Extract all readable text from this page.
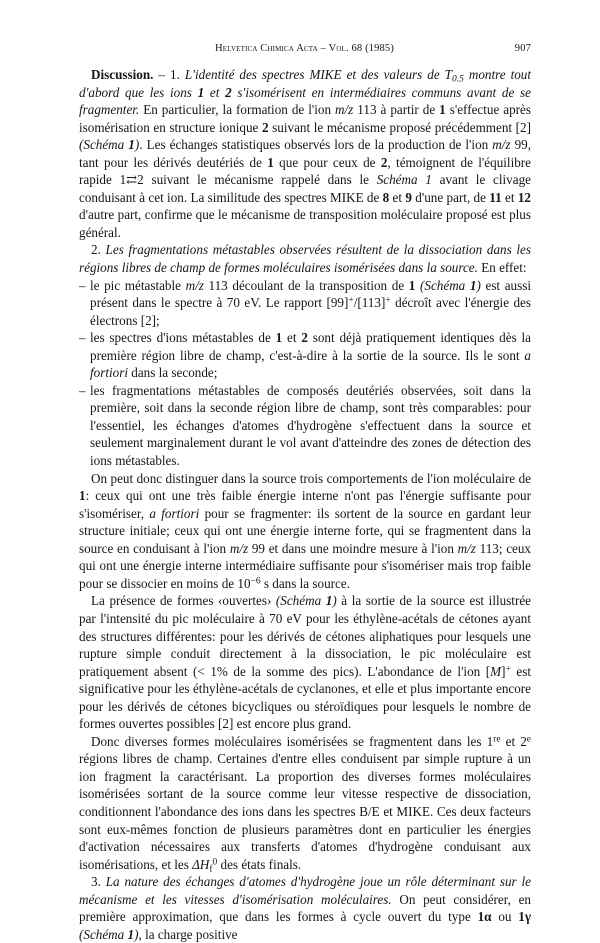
Helvetica Chimica Acta – Vol. 68 (1985)	907

Discussion. – 1. L'identité des spectres MIKE et des valeurs de $T_{0.5}$ montre tout d'abord que les ions 1 et 2 s'isomérisent en intermédiaires communs avant de se fragmenter. En particulier, la formation de l'ion m/z 113 à partir de 1 s'effectue après isomérisation en structure ionique 2 suivant le mécanisme proposé précédemment [2] (Schéma 1). Les échanges statistiques observés lors de la production de l'ion m/z 99, tant pour les dérivés deutériés de 1 que pour ceux de 2, témoignent de l'équilibre rapide 1⇄2 suivant le mécanisme rappelé dans le Schéma 1 avant le clivage conduisant à cet ion. La similitude des spectres MIKE de 8 et 9 d'une part, de 11 et 12 d'autre part, confirme que le mécanisme de transposition moléculaire proposé est plus général.

2. Les fragmentations métastables observées résultent de la dissociation dans les régions libres de champ de formes moléculaires isomérisées dans la source. En effet:

– le pic métastable m/z 113 découlant de la transposition de 1 (Schéma 1) est aussi présent dans le spectre à 70 eV. Le rapport [99]+/[113]+ décroît avec l'énergie des électrons [2];
– les spectres d'ions métastables de 1 et 2 sont déjà pratiquement identiques dès la première région libre de champ, c'est-à-dire à la sortie de la source. Ils le sont a fortiori dans la seconde;
– les fragmentations métastables de composés deutériés observées, soit dans la première, soit dans la seconde région libre de champ, sont très comparables: pour l'essentiel, les échanges d'atomes d'hydrogène s'effectuent dans la source et seulement marginalement durant le vol avant d'atteindre des zones de détection des ions métastables.

On peut donc distinguer dans la source trois comportements de l'ion moléculaire de 1: ceux qui ont une très faible énergie interne n'ont pas l'énergie suffisante pour s'isomériser, a fortiori pour se fragmenter: ils sortent de la source en gardant leur structure initiale; ceux qui ont une énergie interne forte, qui se fragmentent dans la source en conduisant à l'ion m/z 99 et dans une moindre mesure à l'ion m/z 113; ceux qui ont une énergie interne intermédiaire suffisante pour s'isomériser mais trop faible pour se dissocier en moins de $10^{-6}$ s dans la source.

La présence de formes ‹ouvertes› (Schéma 1) à la sortie de la source est illustrée par l'intensité du pic moléculaire à 70 eV pour les éthylène-acétals de cétones ayant des structures différentes: pour les dérivés de cétones aliphatiques pour lesquels une rupture simple conduit directement à la dissociation, le pic moléculaire est pratiquement absent (< 1% de la somme des pics). L'abondance de l'ion [M]+ est significative pour les éthylène-acétals de cyclanones, et elle et plus importante encore pour les dérivés de cétones bicycliques ou stéroïdiques pour lesquels le nombre de formes ouvertes possibles [2] est encore plus grand.

Donc diverses formes moléculaires isomérisées se fragmentent dans les 1re et 2e régions libres de champ. Certaines d'entre elles conduisent par simple rupture à un ion fragment la caractérisant. La proportion des diverses formes moléculaires isomérisées sortant de la source comme leur vitesse respective de dissociation, conditionnent l'abondance des ions dans les spectres B/E et MIKE. Ces deux facteurs sont eux-mêmes fonction de plusieurs paramètres dont en particulier les énergies d'activation nécessaires aux transferts d'atomes d'hydrogène conduisant aux isomérisations, et les $\Delta H_f^0$ des états finals.

3. La nature des échanges d'atomes d'hydrogène joue un rôle déterminant sur le mécanisme et les vitesses d'isomérisation moléculaires. On peut considérer, en première approximation, que dans les formes à cycle ouvert du type 1α ou 1γ (Schéma 1), la charge positive
